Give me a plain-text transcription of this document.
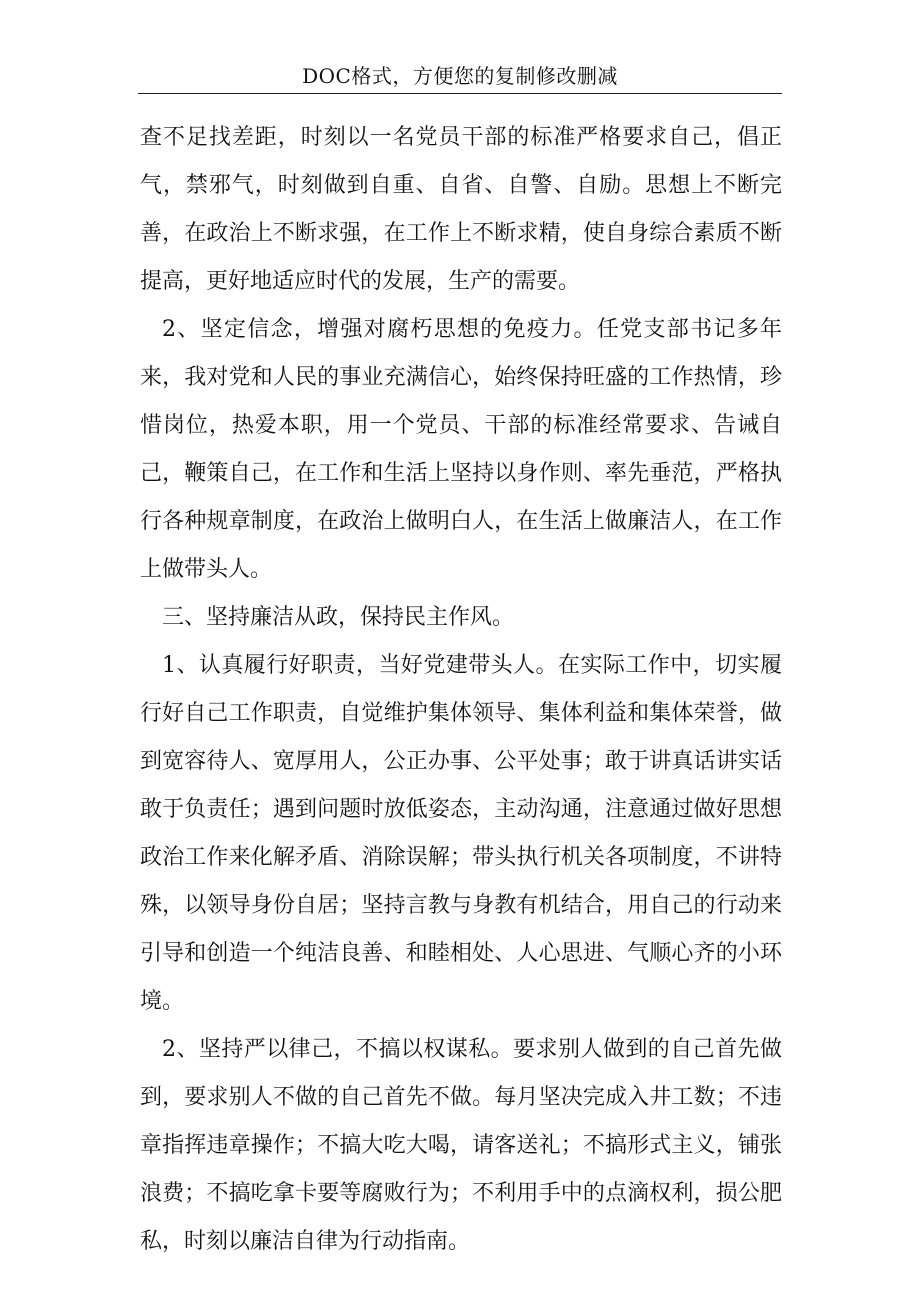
DOC格式，方便您的复制修改删减

查不足找差距，时刻以一名党员干部的标准严格要求自己，倡正气，禁邪气，时刻做到自重、自省、自警、自励。思想上不断完善，在政治上不断求强，在工作上不断求精，使自身综合素质不断提高，更好地适应时代的发展，生产的需要。

2、坚定信念，增强对腐朽思想的免疫力。任党支部书记多年来，我对党和人民的事业充满信心，始终保持旺盛的工作热情，珍惜岗位，热爱本职，用一个党员、干部的标准经常要求、告诫自己，鞭策自己，在工作和生活上坚持以身作则、率先垂范，严格执行各种规章制度，在政治上做明白人，在生活上做廉洁人，在工作上做带头人。

三、坚持廉洁从政，保持民主作风。

1、认真履行好职责，当好党建带头人。在实际工作中，切实履行好自己工作职责，自觉维护集体领导、集体利益和集体荣誉，做到宽容待人、宽厚用人，公正办事、公平处事；敢于讲真话讲实话敢于负责任；遇到问题时放低姿态，主动沟通，注意通过做好思想政治工作来化解矛盾、消除误解；带头执行机关各项制度，不讲特殊，以领导身份自居；坚持言教与身教有机结合，用自己的行动来引导和创造一个纯洁良善、和睦相处、人心思进、气顺心齐的小环境。

2、坚持严以律己，不搞以权谋私。要求别人做到的自己首先做到，要求别人不做的自己首先不做。每月坚决完成入井工数；不违章指挥违章操作；不搞大吃大喝，请客送礼；不搞形式主义，铺张浪费；不搞吃拿卡要等腐败行为；不利用手中的点滴权利，损公肥私，时刻以廉洁自律为行动指南。
